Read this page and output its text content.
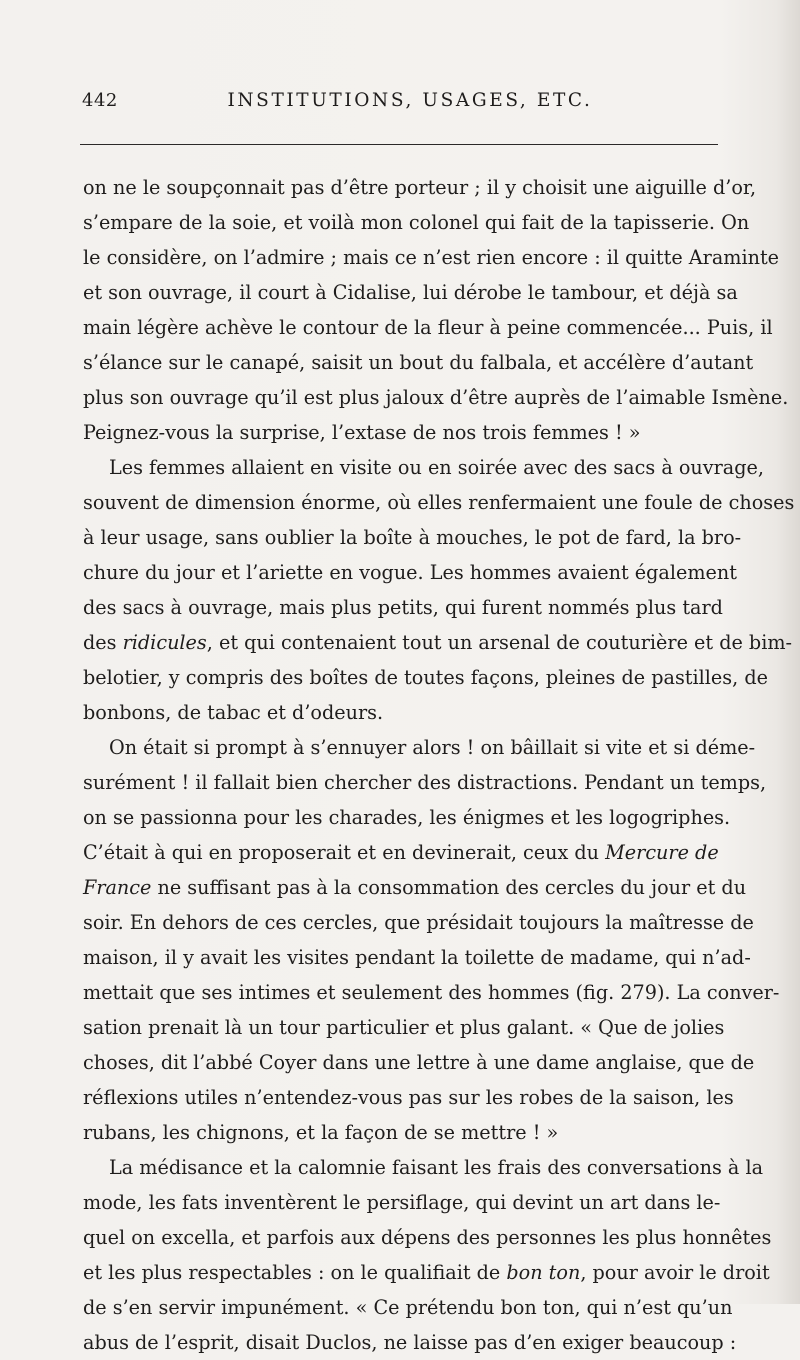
442	INSTITUTIONS, USAGES, ETC.
on ne le soupçonnait pas d’être porteur ; il y choisit une aiguille d’or,
s’empare de la soie, et voilà mon colonel qui fait de la tapisserie. On
le considère, on l’admire ; mais ce n’est rien encore : il quitte Araminte
et son ouvrage, il court à Cidalise, lui dérobe le tambour, et déjà sa
main légère achève le contour de la fleur à peine commencée... Puis, il
s’élance sur le canapé, saisit un bout du falbala, et accélère d’autant
plus son ouvrage qu’il est plus jaloux d’être auprès de l’aimable Ismène.
Peignez-vous la surprise, l’extase de nos trois femmes ! »
Les femmes allaient en visite ou en soirée avec des sacs à ouvrage,
souvent de dimension énorme, où elles renfermaient une foule de choses
à leur usage, sans oublier la boîte à mouches, le pot de fard, la bro-
chure du jour et l’ariette en vogue. Les hommes avaient également
des sacs à ouvrage, mais plus petits, qui furent nommés plus tard
des ridicules, et qui contenaient tout un arsenal de couturière et de bim-
belotier, y compris des boîtes de toutes façons, pleines de pastilles, de
bonbons, de tabac et d’odeurs.
On était si prompt à s’ennuyer alors ! on bâillait si vite et si déme-
surément ! il fallait bien chercher des distractions. Pendant un temps,
on se passionna pour les charades, les énigmes et les logogriphes.
C’était à qui en proposerait et en devinerait, ceux du Mercure de
France ne suffisant pas à la consommation des cercles du jour et du
soir. En dehors de ces cercles, que présidait toujours la maîtresse de
maison, il y avait les visites pendant la toilette de madame, qui n’ad-
mettait que ses intimes et seulement des hommes (fig. 279). La conver-
sation prenait là un tour particulier et plus galant. « Que de jolies
choses, dit l’abbé Coyer dans une lettre à une dame anglaise, que de
réflexions utiles n’entendez-vous pas sur les robes de la saison, les
rubans, les chignons, et la façon de se mettre ! »
La médisance et la calomnie faisant les frais des conversations à la
mode, les fats inventèrent le persiflage, qui devint un art dans le-
quel on excella, et parfois aux dépens des personnes les plus honnêtes
et les plus respectables : on le qualifiait de bon ton, pour avoir le droit
de s’en servir impunément. « Ce prétendu bon ton, qui n’est qu’un
abus de l’esprit, disait Duclos, ne laisse pas d’en exiger beaucoup :
